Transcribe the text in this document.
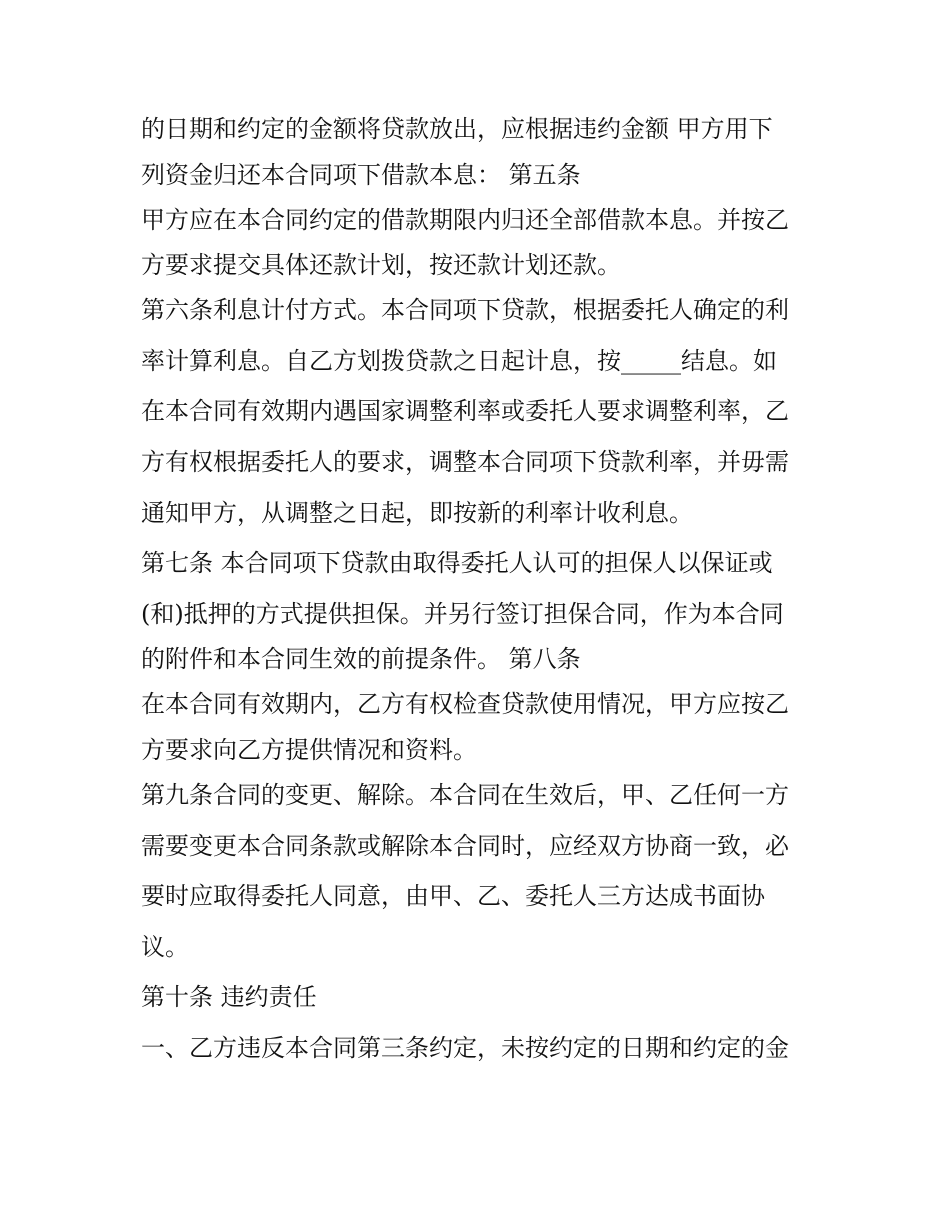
的日期和约定的金额将贷款放出，应根据违约金额 甲方用下
列资金归还本合同项下借款本息： 第五条
甲方应在本合同约定的借款期限内归还全部借款本息。并按乙
方要求提交具体还款计划，按还款计划还款。
第六条利息计付方式。本合同项下贷款，根据委托人确定的利
率计算利息。自乙方划拨贷款之日起计息，按_____结息。如
在本合同有效期内遇国家调整利率或委托人要求调整利率，乙
方有权根据委托人的要求，调整本合同项下贷款利率，并毋需
通知甲方，从调整之日起，即按新的利率计收利息。
第七条 本合同项下贷款由取得委托人认可的担保人以保证或
(和)抵押的方式提供担保。并另行签订担保合同，作为本合同
的附件和本合同生效的前提条件。 第八条
在本合同有效期内，乙方有权检查贷款使用情况，甲方应按乙
方要求向乙方提供情况和资料。
第九条合同的变更、解除。本合同在生效后，甲、乙任何一方
需要变更本合同条款或解除本合同时，应经双方协商一致，必
要时应取得委托人同意，由甲、乙、委托人三方达成书面协
议。
第十条 违约责任
一、乙方违反本合同第三条约定，未按约定的日期和约定的金
